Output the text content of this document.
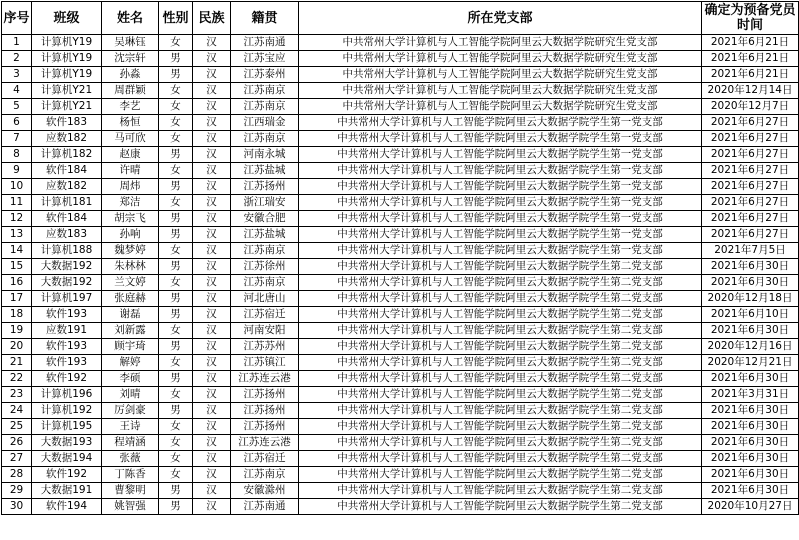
序号	班级	姓名	性别	民族	籍贯	所在党支部	确定为预备党员时间
1	计算机Y19	吴琳钰	女	汉	江苏南通	中共常州大学计算机与人工智能学院阿里云大数据学院研究生党支部	2021年6月21日
2	计算机Y19	沈宗轩	男	汉	江苏宝应	中共常州大学计算机与人工智能学院阿里云大数据学院研究生党支部	2021年6月21日
3	计算机Y19	孙淼	男	汉	江苏泰州	中共常州大学计算机与人工智能学院阿里云大数据学院研究生党支部	2021年6月21日
4	计算机Y21	周群颖	女	汉	江苏南京	中共常州大学计算机与人工智能学院阿里云大数据学院研究生党支部	2020年12月14日
5	计算机Y21	李艺	女	汉	江苏南京	中共常州大学计算机与人工智能学院阿里云大数据学院研究生党支部	2020年12月7日
6	软件183	杨恒	女	汉	江西瑞金	中共常州大学计算机与人工智能学院阿里云大数据学院学生第一党支部	2021年6月27日
7	应数182	马可欣	女	汉	江苏南京	中共常州大学计算机与人工智能学院阿里云大数据学院学生第一党支部	2021年6月27日
8	计算机182	赵康	男	汉	河南永城	中共常州大学计算机与人工智能学院阿里云大数据学院学生第一党支部	2021年6月27日
9	软件184	许晴	女	汉	江苏盐城	中共常州大学计算机与人工智能学院阿里云大数据学院学生第一党支部	2021年6月27日
10	应数182	周炜	男	汉	江苏扬州	中共常州大学计算机与人工智能学院阿里云大数据学院学生第一党支部	2021年6月27日
11	计算机181	郑洁	女	汉	浙江瑞安	中共常州大学计算机与人工智能学院阿里云大数据学院学生第一党支部	2021年6月27日
12	软件184	胡宗飞	男	汉	安徽合肥	中共常州大学计算机与人工智能学院阿里云大数据学院学生第一党支部	2021年6月27日
13	应数183	孙响	男	汉	江苏盐城	中共常州大学计算机与人工智能学院阿里云大数据学院学生第一党支部	2021年6月27日
14	计算机188	魏梦婷	女	汉	江苏南京	中共常州大学计算机与人工智能学院阿里云大数据学院学生第一党支部	2021年7月5日
15	大数据192	朱林林	男	汉	江苏徐州	中共常州大学计算机与人工智能学院阿里云大数据学院学生第二党支部	2021年6月30日
16	大数据192	兰文婷	女	汉	江苏南京	中共常州大学计算机与人工智能学院阿里云大数据学院学生第二党支部	2021年6月30日
17	计算机197	张庭赫	男	汉	河北唐山	中共常州大学计算机与人工智能学院阿里云大数据学院学生第二党支部	2020年12月18日
18	软件193	谢磊	男	汉	江苏宿迁	中共常州大学计算机与人工智能学院阿里云大数据学院学生第二党支部	2021年6月10日
19	应数191	刘新露	女	汉	河南安阳	中共常州大学计算机与人工智能学院阿里云大数据学院学生第二党支部	2021年6月30日
20	软件193	顾宇琦	男	汉	江苏苏州	中共常州大学计算机与人工智能学院阿里云大数据学院学生第二党支部	2020年12月16日
21	软件193	解婷	女	汉	江苏镇江	中共常州大学计算机与人工智能学院阿里云大数据学院学生第二党支部	2020年12月21日
22	软件192	李硕	男	汉	江苏连云港	中共常州大学计算机与人工智能学院阿里云大数据学院学生第二党支部	2021年6月30日
23	计算机196	刘晴	女	汉	江苏扬州	中共常州大学计算机与人工智能学院阿里云大数据学院学生第二党支部	2021年3月31日
24	计算机192	厉剑豪	男	汉	江苏扬州	中共常州大学计算机与人工智能学院阿里云大数据学院学生第二党支部	2021年6月30日
25	计算机195	王诗	女	汉	江苏扬州	中共常州大学计算机与人工智能学院阿里云大数据学院学生第二党支部	2021年6月30日
26	大数据193	程靖涵	女	汉	江苏连云港	中共常州大学计算机与人工智能学院阿里云大数据学院学生第二党支部	2021年6月30日
27	大数据194	张薇	女	汉	江苏宿迁	中共常州大学计算机与人工智能学院阿里云大数据学院学生第二党支部	2021年6月30日
28	软件192	丁陈香	女	汉	江苏南京	中共常州大学计算机与人工智能学院阿里云大数据学院学生第二党支部	2021年6月30日
29	大数据191	曹黎明	男	汉	安徽滁州	中共常州大学计算机与人工智能学院阿里云大数据学院学生第二党支部	2021年6月30日
30	软件194	姚智强	男	汉	江苏南通	中共常州大学计算机与人工智能学院阿里云大数据学院学生第二党支部	2020年10月27日
